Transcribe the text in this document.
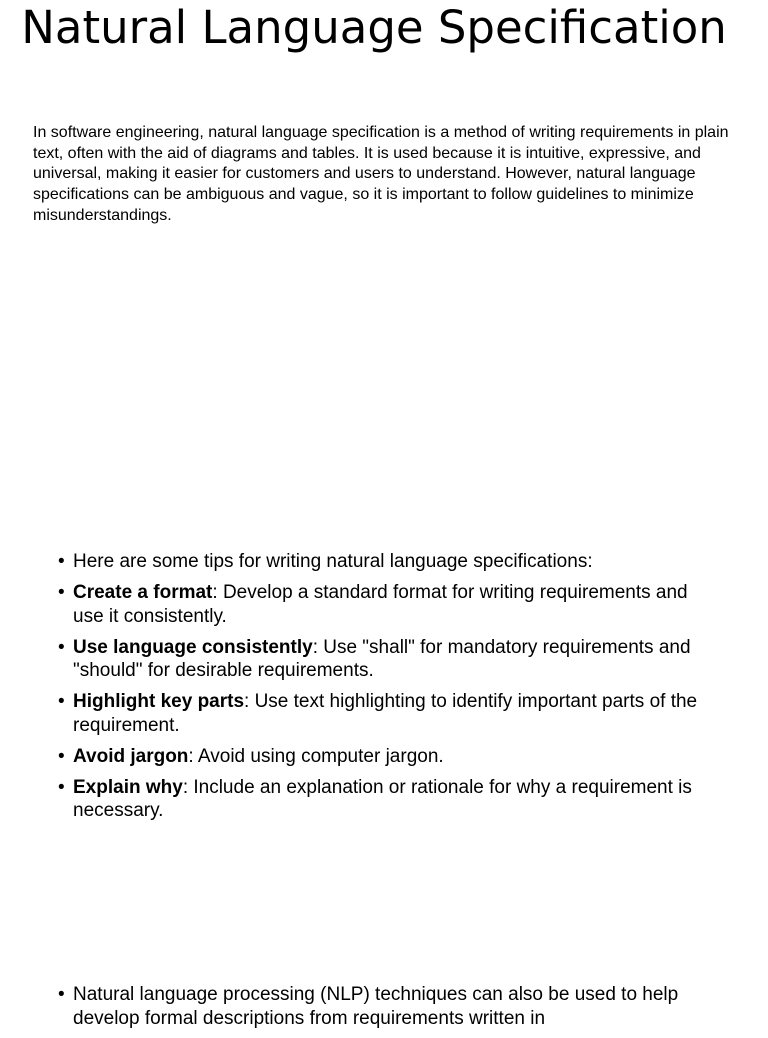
Natural Language Specification

In software engineering, natural language specification is a method of writing requirements in plain text, often with the aid of diagrams and tables. It is used because it is intuitive, expressive, and universal, making it easier for customers and users to understand. However, natural language specifications can be ambiguous and vague, so it is important to follow guidelines to minimize misunderstandings.

• Here are some tips for writing natural language specifications:
• Create a format: Develop a standard format for writing requirements and use it consistently.
• Use language consistently: Use "shall" for mandatory requirements and "should" for desirable requirements.
• Highlight key parts: Use text highlighting to identify important parts of the requirement.
• Avoid jargon: Avoid using computer jargon.
• Explain why: Include an explanation or rationale for why a requirement is necessary.
• Natural language processing (NLP) techniques can also be used to help develop formal descriptions from requirements written in
